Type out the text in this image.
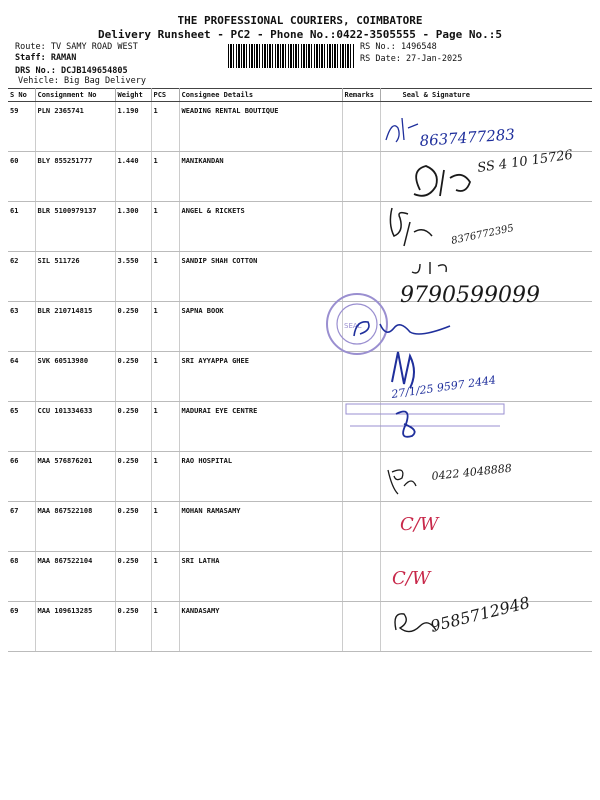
THE PROFESSIONAL COURIERS, COIMBATORE
Delivery Runsheet - PC2 - Phone No.:0422-3505555 - Page No.:5
Route: TV SAMY ROAD WEST
Staff: RAMAN
DRS No.: DCJB149654805
Vehicle: Big Bag Delivery
RS No.: 1496548
RS Date: 27-Jan-2025
S No	Consignment No	Weight	PCS	Consignee Details	Remarks	Seal & Signature
59	PLN 2365741	1.190	1	WEADING RENTAL BOUTIQUE		
60	BLY 855251777	1.440	1	MANIKANDAN		
61	BLR 5100979137	1.300	1	ANGEL & RICKETS		
62	SIL 511726	3.550	1	SANDIP SHAH COTTON		
63	BLR 210714815	0.250	1	SAPNA BOOK		
64	SVK 60513980	0.250	1	SRI AYYAPPA GHEE		
65	CCU 101334633	0.250	1	MADURAI EYE CENTRE		
66	MAA 576876201	0.250	1	RAO HOSPITAL		
67	MAA 867522108	0.250	1	MOHAN RAMASAMY		
68	MAA 867522104	0.250	1	SRI LATHA		
69	MAA 109613285	0.250	1	KANDASAMY		
8637477283
SS 4 10 15726
8376772395
9790599099
SEAL
27/1/25 9597 2444
0422 4048888
C/W
C/W
9585712948
